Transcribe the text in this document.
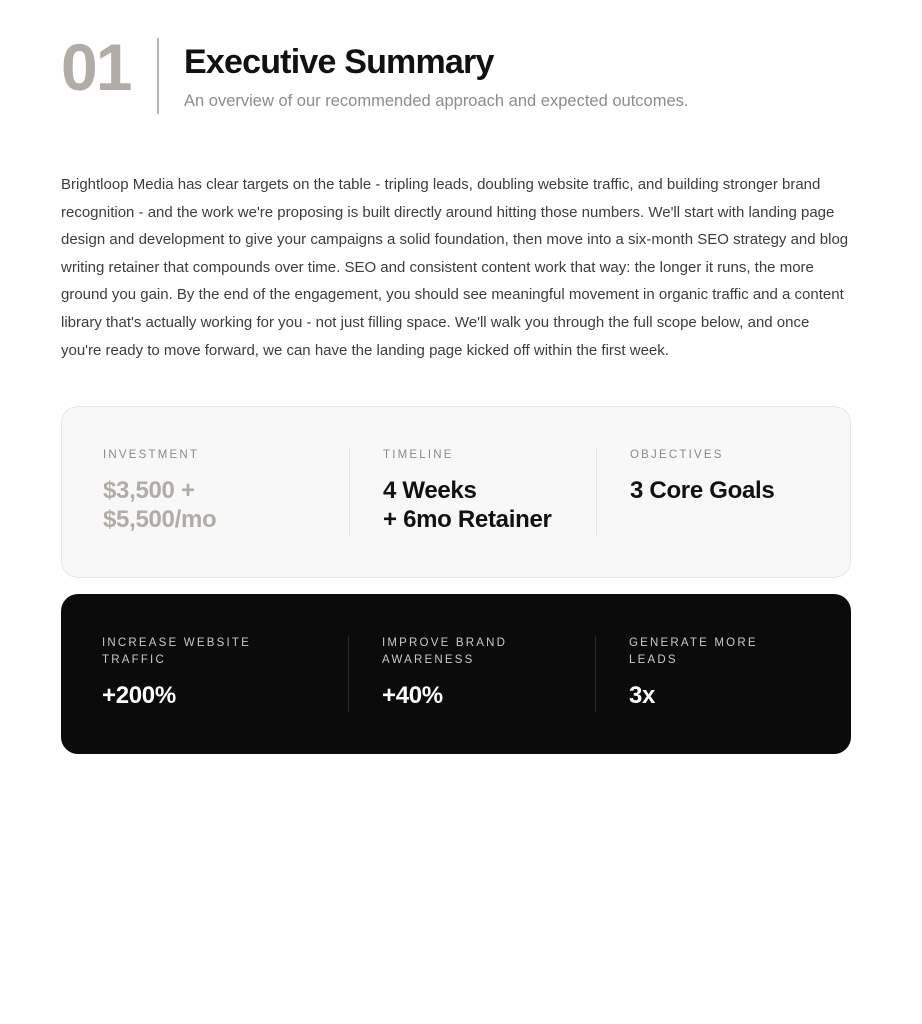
01 Executive Summary
An overview of our recommended approach and expected outcomes.

Brightloop Media has clear targets on the table - tripling leads, doubling website traffic, and building stronger brand recognition - and the work we're proposing is built directly around hitting those numbers. We'll start with landing page design and development to give your campaigns a solid foundation, then move into a six-month SEO strategy and blog writing retainer that compounds over time. SEO and consistent content work that way: the longer it runs, the more ground you gain. By the end of the engagement, you should see meaningful movement in organic traffic and a content library that's actually working for you - not just filling space. We'll walk you through the full scope below, and once you're ready to move forward, we can have the landing page kicked off within the first week.

INVESTMENT
$3,500 +
$5,500/mo
TIMELINE
4 Weeks
+ 6mo Retainer
OBJECTIVES
3 Core Goals
INCREASE WEBSITE TRAFFIC
+200%
IMPROVE BRAND AWARENESS
+40%
GENERATE MORE LEADS
3x
